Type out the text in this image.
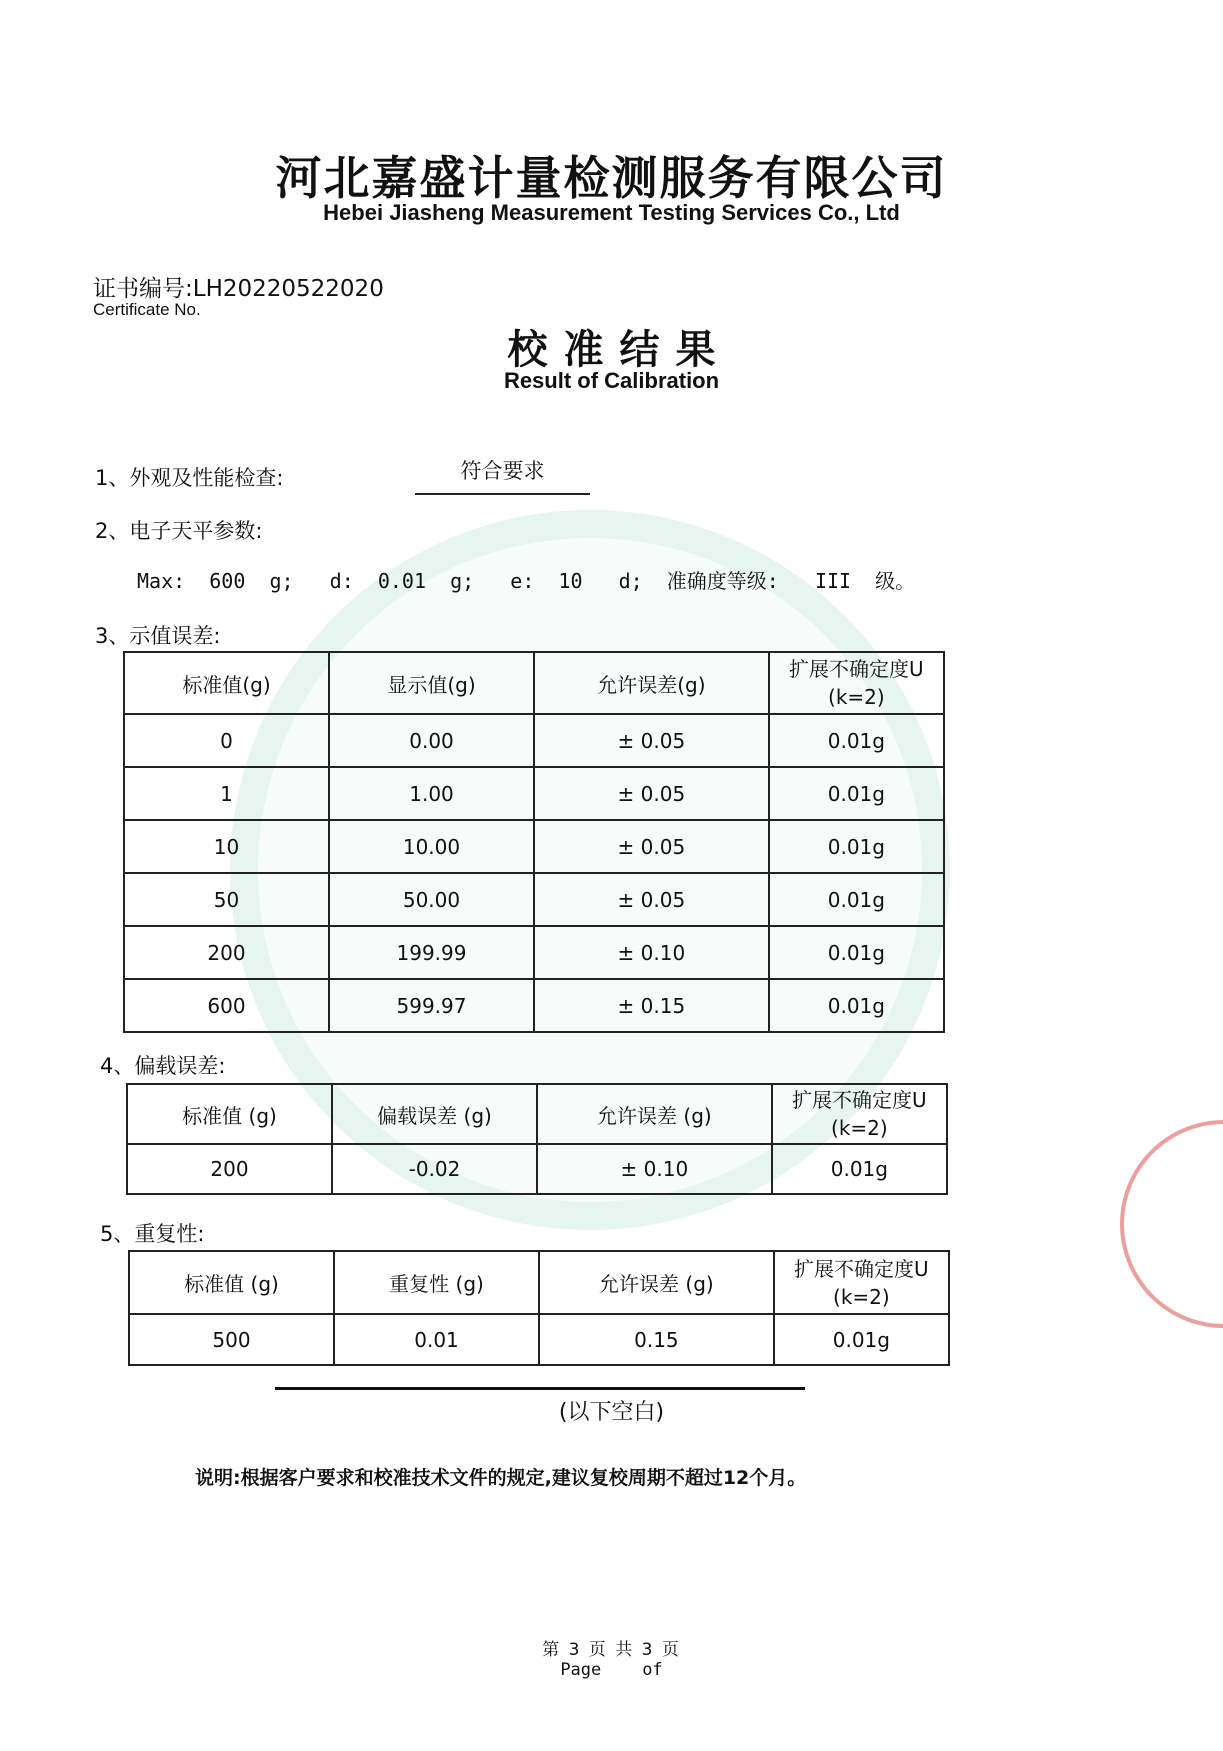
河北嘉盛计量检测服务有限公司
Hebei Jiasheng Measurement Testing Services Co., Ltd
证书编号:LH20220522020
Certificate No.
校准结果
Result of Calibration
1、外观及性能检查:	符合要求
2、电子天平参数:
Max:  600  g;   d:  0.01  g;   e:  10   d;  准确度等级:   III  级。
3、示值误差:
标准值(g)	显示值(g)	允许误差(g)	扩展不确定度U
(k=2)

0	0.00	± 0.05	0.01g
1	1.00	± 0.05	0.01g
10	10.00	± 0.05	0.01g
50	50.00	± 0.05	0.01g
200	199.99	± 0.10	0.01g
600	599.97	± 0.15	0.01g
4、偏载误差:
标准值 (g)	偏载误差 (g)	允许误差 (g)	扩展不确定度U
(k=2)

200	-0.02	± 0.10	0.01g
5、重复性:
标准值 (g)	重复性 (g)	允许误差 (g)	扩展不确定度U
(k=2)

500	0.01	0.15	0.01g
(以下空白)
说明:根据客户要求和校准技术文件的规定,建议复校周期不超过12个月。
第 3 页 共 3 页
Page    of
